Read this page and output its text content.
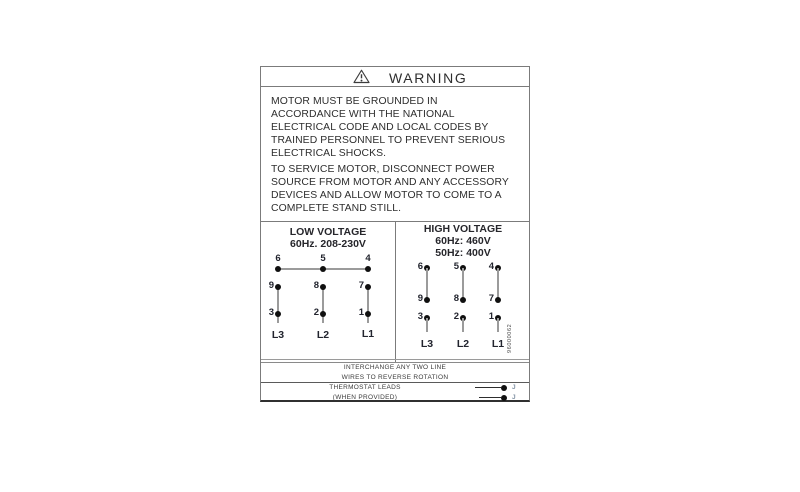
WARNING
MOTOR MUST BE GROUNDED IN ACCORDANCE WITH THE NATIONAL ELECTRICAL CODE AND LOCAL CODES BY TRAINED PERSONNEL TO PREVENT SERIOUS ELECTRICAL SHOCKS.
TO SERVICE MOTOR, DISCONNECT POWER SOURCE FROM MOTOR AND ANY ACCESSORY DEVICES AND ALLOW MOTOR TO COME TO A COMPLETE STAND STILL.
LOW VOLTAGE
60Hz. 208-230V
6	5	4
9	8	7
3	2	1
L3	L2	L1
HIGH VOLTAGE
60Hz: 460V
50Hz: 400V
6	5	4
9	8	7
3	2	1
L3	L2	L1 96000062
INTERCHANGE ANY TWO LINE
WIRES TO REVERSE ROTATION
THERMOSTAT LEADS
(WHEN PROVIDED)
J
J
